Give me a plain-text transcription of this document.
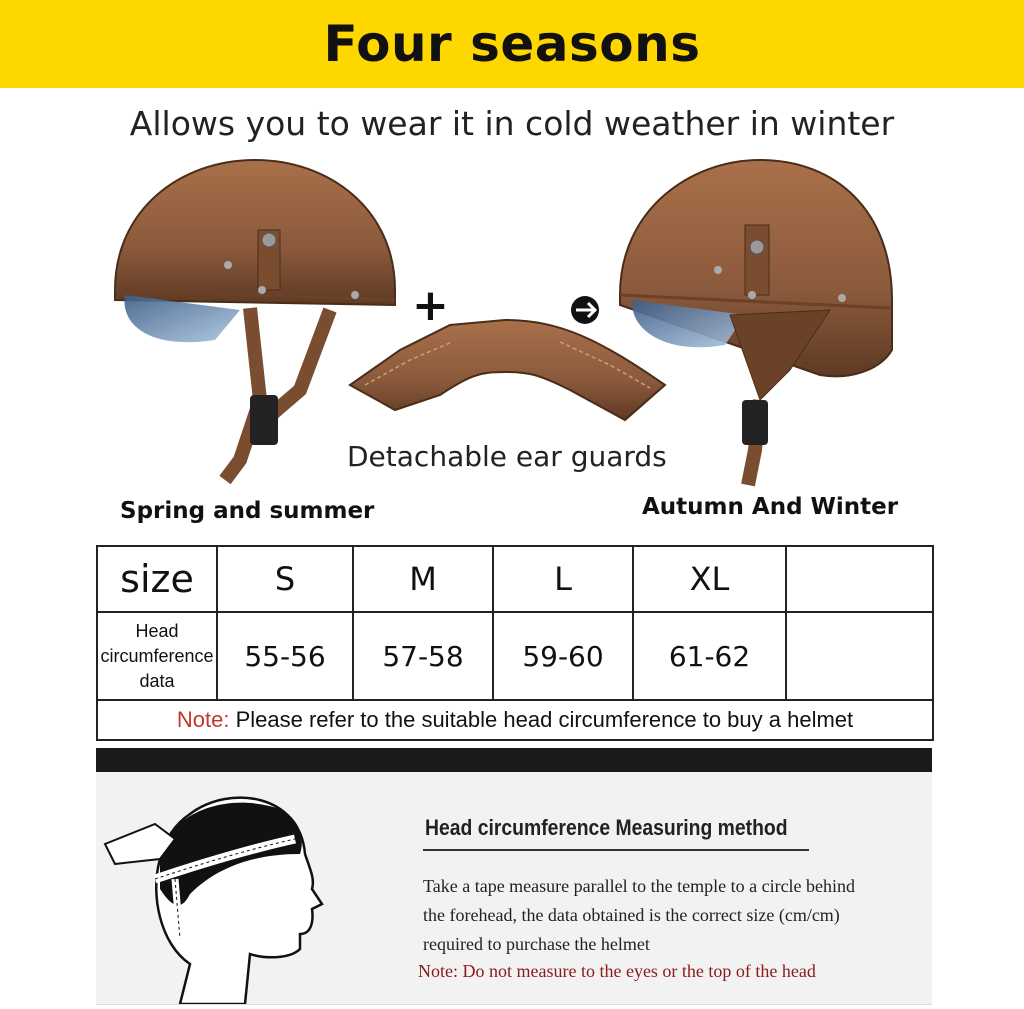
Four seasons
Allows you to wear it in cold weather in winter
+
Detachable ear guards
Spring and summer	Autumn And Winter
size	S	M	L	XL	

Head
circumference
data	55-56	57-58	59-60	61-62	
Note: Please refer to the suitable head circumference to buy a helmet					
Head circumference Measuring method

Take a tape measure parallel to the temple to a circle behind

the forehead, the data obtained is the correct size (cm/cm)

required to purchase the helmet

Note: Do not measure to the eyes or the top of the head
